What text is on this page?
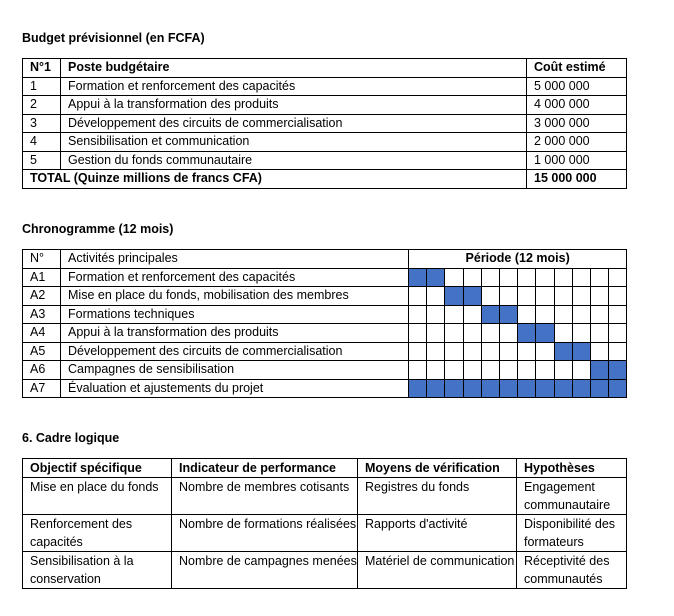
Budget prévisionnel (en FCFA)
N°1	Poste budgétaire	Coût estimé
1	Formation et renforcement des capacités	5 000 000
2	Appui à la transformation des produits	4 000 000
3	Développement des circuits de commercialisation	3 000 000
4	Sensibilisation et communication	2 000 000
5	Gestion du fonds communautaire	1 000 000
TOTAL (Quinze millions de francs CFA)		15 000 000
Chronogramme (12 mois)
N°	Activités principales	Période (12 mois)											
A1	Formation et renforcement des capacités												
A2	Mise en place du fonds, mobilisation des membres												
A3	Formations techniques												
A4	Appui à la transformation des produits												
A5	Développement des circuits de commercialisation												
A6	Campagnes de sensibilisation												
A7	Évaluation et ajustements du projet												
6. Cadre logique
Objectif spécifique	Indicateur de performance	Moyens de vérification	Hypothèses
Mise en place du fonds	Nombre de membres cotisants	Registres du fonds	Engagement communautaire
Renforcement des capacités	Nombre de formations réalisées	Rapports d'activité	Disponibilité des formateurs
Sensibilisation à la conservation	Nombre de campagnes menées	Matériel de communication	Réceptivité des communautés
